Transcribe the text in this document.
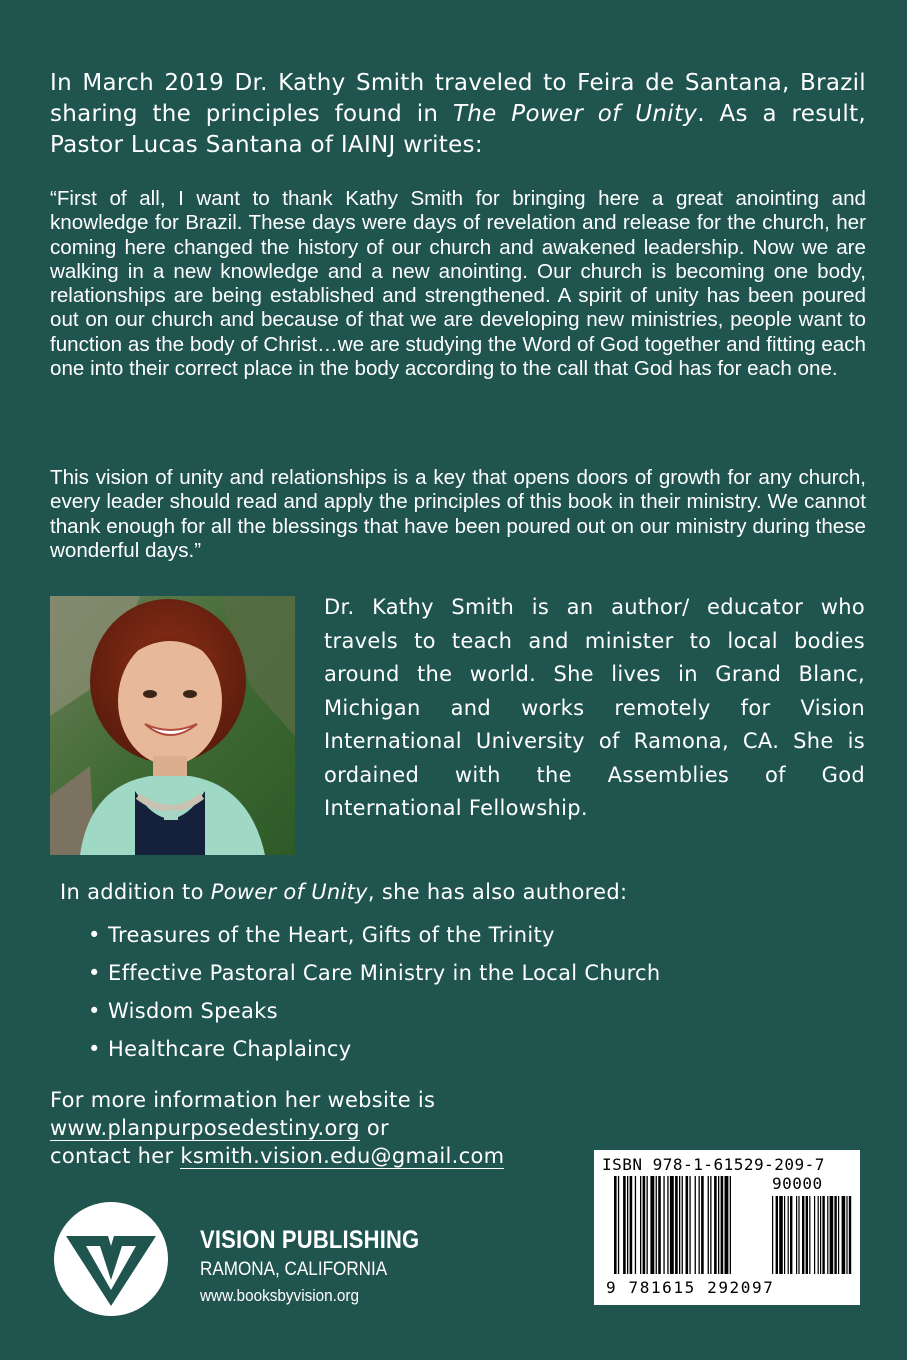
In March 2019 Dr. Kathy Smith traveled to Feira de Santana, Brazil sharing the principles found in The Power of Unity. As a result, Pastor Lucas Santana of IAINJ writes:
“First of all, I want to thank Kathy Smith for bringing here a great anointing and knowledge for Brazil. These days were days of revelation and release for the church, her coming here changed the history of our church and awakened leadership. Now we are walking in a new knowledge and a new anointing. Our church is becoming one body, relationships are being established and strengthened. A spirit of unity has been poured out on our church and because of that we are developing new ministries, people want to function as the body of Christ…we are studying the Word of God together and fitting each one into their correct place in the body according to the call that God has for each one.
This vision of unity and relationships is a key that opens doors of growth for any church, every leader should read and apply the principles of this book in their ministry. We cannot thank enough for all the blessings that have been poured out on our ministry during these wonderful days.”
Dr. Kathy Smith is an author/ educator who travels to teach and minister to local bodies around the world. She lives in Grand Blanc, Michigan and works remotely for Vision International University of Ramona, CA. She is ordained with the Assemblies of God International Fellowship.
In addition to Power of Unity, she has also authored:
• Treasures of the Heart, Gifts of the Trinity
• Effective Pastoral Care Ministry in the Local Church
• Wisdom Speaks
• Healthcare Chaplaincy
For more information her website is
www.planpurposedestiny.org or
contact her ksmith.vision.edu@gmail.com
VISION PUBLISHING
RAMONA, CALIFORNIA
www.booksbyvision.org
ISBN 978-1-61529-209-7
90000
9 781615 292097
